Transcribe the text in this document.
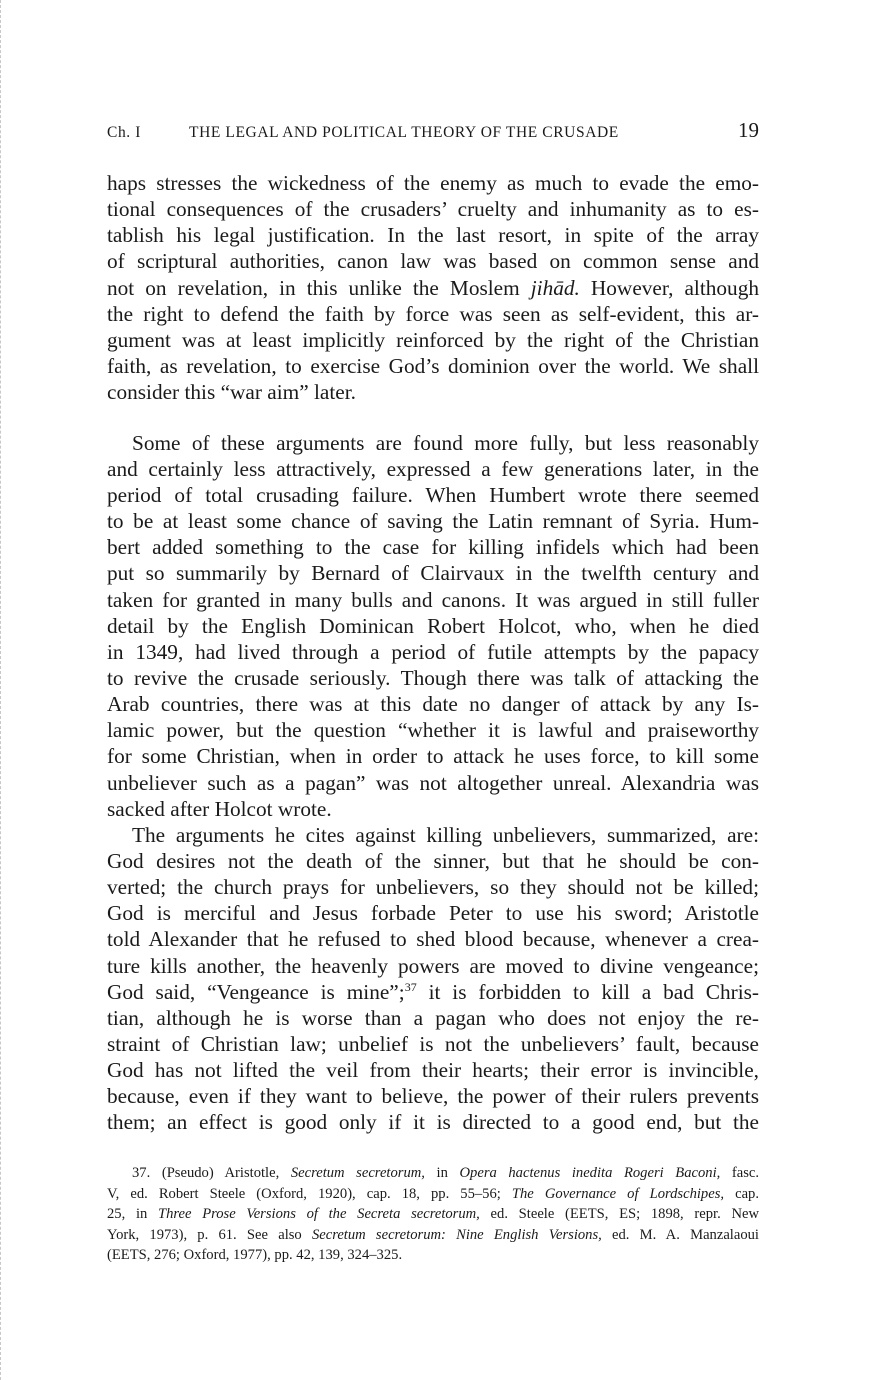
Ch. I	THE LEGAL AND POLITICAL THEORY OF THE CRUSADE	19
haps stresses the wickedness of the enemy as much to evade the emo-
tional consequences of the crusaders’ cruelty and inhumanity as to es-
tablish his legal justification. In the last resort, in spite of the array
of scriptural authorities, canon law was based on common sense and
not on revelation, in this unlike the Moslem jihād. However, although
the right to defend the faith by force was seen as self-evident, this ar-
gument was at least implicitly reinforced by the right of the Christian
faith, as revelation, to exercise God’s dominion over the world. We shall
consider this “war aim” later.
Some of these arguments are found more fully, but less reasonably
and certainly less attractively, expressed a few generations later, in the
period of total crusading failure. When Humbert wrote there seemed
to be at least some chance of saving the Latin remnant of Syria. Hum-
bert added something to the case for killing infidels which had been
put so summarily by Bernard of Clairvaux in the twelfth century and
taken for granted in many bulls and canons. It was argued in still fuller
detail by the English Dominican Robert Holcot, who, when he died
in 1349, had lived through a period of futile attempts by the papacy
to revive the crusade seriously. Though there was talk of attacking the
Arab countries, there was at this date no danger of attack by any Is-
lamic power, but the question “whether it is lawful and praiseworthy
for some Christian, when in order to attack he uses force, to kill some
unbeliever such as a pagan” was not altogether unreal. Alexandria was
sacked after Holcot wrote.
The arguments he cites against killing unbelievers, summarized, are:
God desires not the death of the sinner, but that he should be con-
verted; the church prays for unbelievers, so they should not be killed;
God is merciful and Jesus forbade Peter to use his sword; Aristotle
told Alexander that he refused to shed blood because, whenever a crea-
ture kills another, the heavenly powers are moved to divine vengeance;
God said, “Vengeance is mine”;$^{37}$ it is forbidden to kill a bad Chris-
tian, although he is worse than a pagan who does not enjoy the re-
straint of Christian law; unbelief is not the unbelievers’ fault, because
God has not lifted the veil from their hearts; their error is invincible,
because, even if they want to believe, the power of their rulers prevents
them; an effect is good only if it is directed to a good end, but the
37. (Pseudo) Aristotle, Secretum secretorum, in Opera hactenus inedita Rogeri Baconi, fasc.
V, ed. Robert Steele (Oxford, 1920), cap. 18, pp. 55–56; The Governance of Lordschipes, cap.
25, in Three Prose Versions of the Secreta secretorum, ed. Steele (EETS, ES; 1898, repr. New
York, 1973), p. 61. See also Secretum secretorum: Nine English Versions, ed. M. A. Manzalaoui
(EETS, 276; Oxford, 1977), pp. 42, 139, 324–325.
